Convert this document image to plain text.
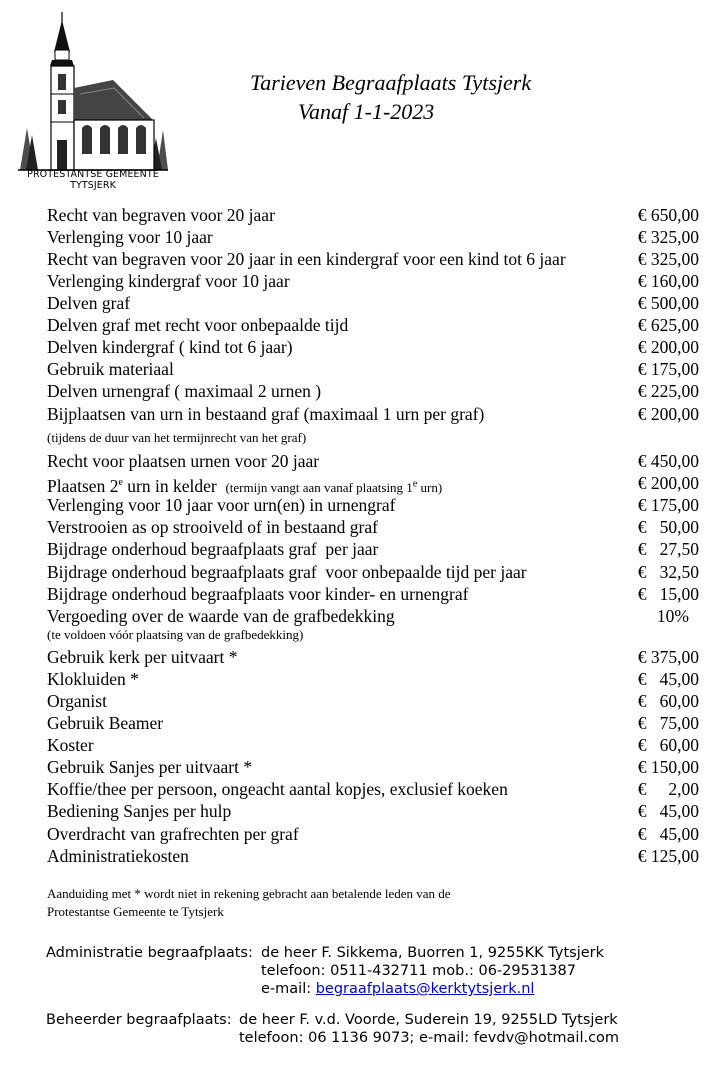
PROTESTANTSE GEMEENTE
TYTSJERK
Tarieven Begraafplaats Tytsjerk
Vanaf 1-1-2023
Recht van begraven voor 20 jaar	€ 650,00
Verlenging voor 10 jaar	€ 325,00
Recht van begraven voor 20 jaar in een kindergraf voor een kind tot 6 jaar	€ 325,00
Verlenging kindergraf voor 10 jaar	€ 160,00
Delven graf	€ 500,00
Delven graf met recht voor onbepaalde tijd	€ 625,00
Delven kindergraf ( kind tot 6 jaar)	€ 200,00
Gebruik materiaal	€ 175,00
Delven urnengraf ( maximaal 2 urnen )	€ 225,00
Bijplaatsen van urn in bestaand graf (maximaal 1 urn per graf)	€ 200,00
(tijdens de duur van het termijnrecht van het graf)
Recht voor plaatsen urnen voor 20 jaar	€ 450,00
Plaatsen 2e urn in kelder (termijn vangt aan vanaf plaatsing 1e urn)	€ 200,00
Verlenging voor 10 jaar voor urn(en) in urnengraf	€ 175,00
Verstrooien as op strooiveld of in bestaand graf	€   50,00
Bijdrage onderhoud begraafplaats graf  per jaar	€   27,50
Bijdrage onderhoud begraafplaats graf  voor onbepaalde tijd per jaar	€   32,50
Bijdrage onderhoud begraafplaats voor kinder- en urnengraf	€   15,00
Vergoeding over de waarde van de grafbedekking	10%
(te voldoen vóór plaatsing van de grafbedekking)
Gebruik kerk per uitvaart *	€ 375,00
Klokluiden *	€   45,00
Organist	€   60,00
Gebruik Beamer	€   75,00
Koster	€   60,00
Gebruik Sanjes per uitvaart *	€ 150,00
Koffie/thee per persoon, ongeacht aantal kopjes, exclusief koeken	€     2,00
Bediening Sanjes per hulp	€   45,00
Overdracht van grafrechten per graf	€   45,00
Administratiekosten	€ 125,00
Aanduiding met * wordt niet in rekening gebracht aan betalende leden van de
Protestantse Gemeente te Tytsjerk
Administratie begraafplaats: de heer F. Sikkema, Buorren 1, 9255KK Tytsjerk
telefoon: 0511-432711 mob.: 06-29531387
e-mail: begraafplaats@kerktytsjerk.nl
Beheerder begraafplaats: de heer F. v.d. Voorde, Suderein 19, 9255LD Tytsjerk
telefoon: 06 1136 9073; e-mail: fevdv@hotmail.com
